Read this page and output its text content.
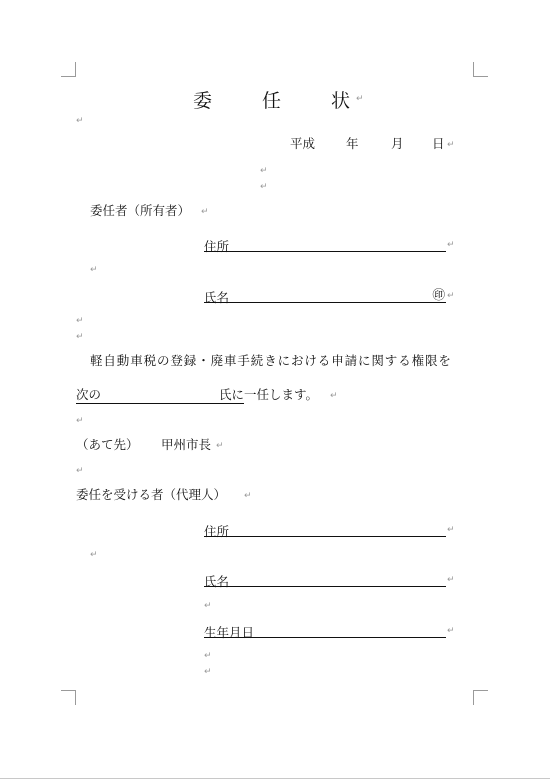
委	任	状 ↵
↵
平成 年	月 日 ↵
↵
↵
委任者（所有者） ↵
住所	↵
↵
氏名	㊞ ↵
↵
↵
軽自動車税の登録・廃車手続きにおける申請に関する権限を
次の	氏に 一任します。 ↵
↵
（あて先） 甲州市長 ↵
↵
委任を受ける者（代理人） ↵
住所	↵
↵
氏名	↵
↵
生年月日	↵
↵
↵
